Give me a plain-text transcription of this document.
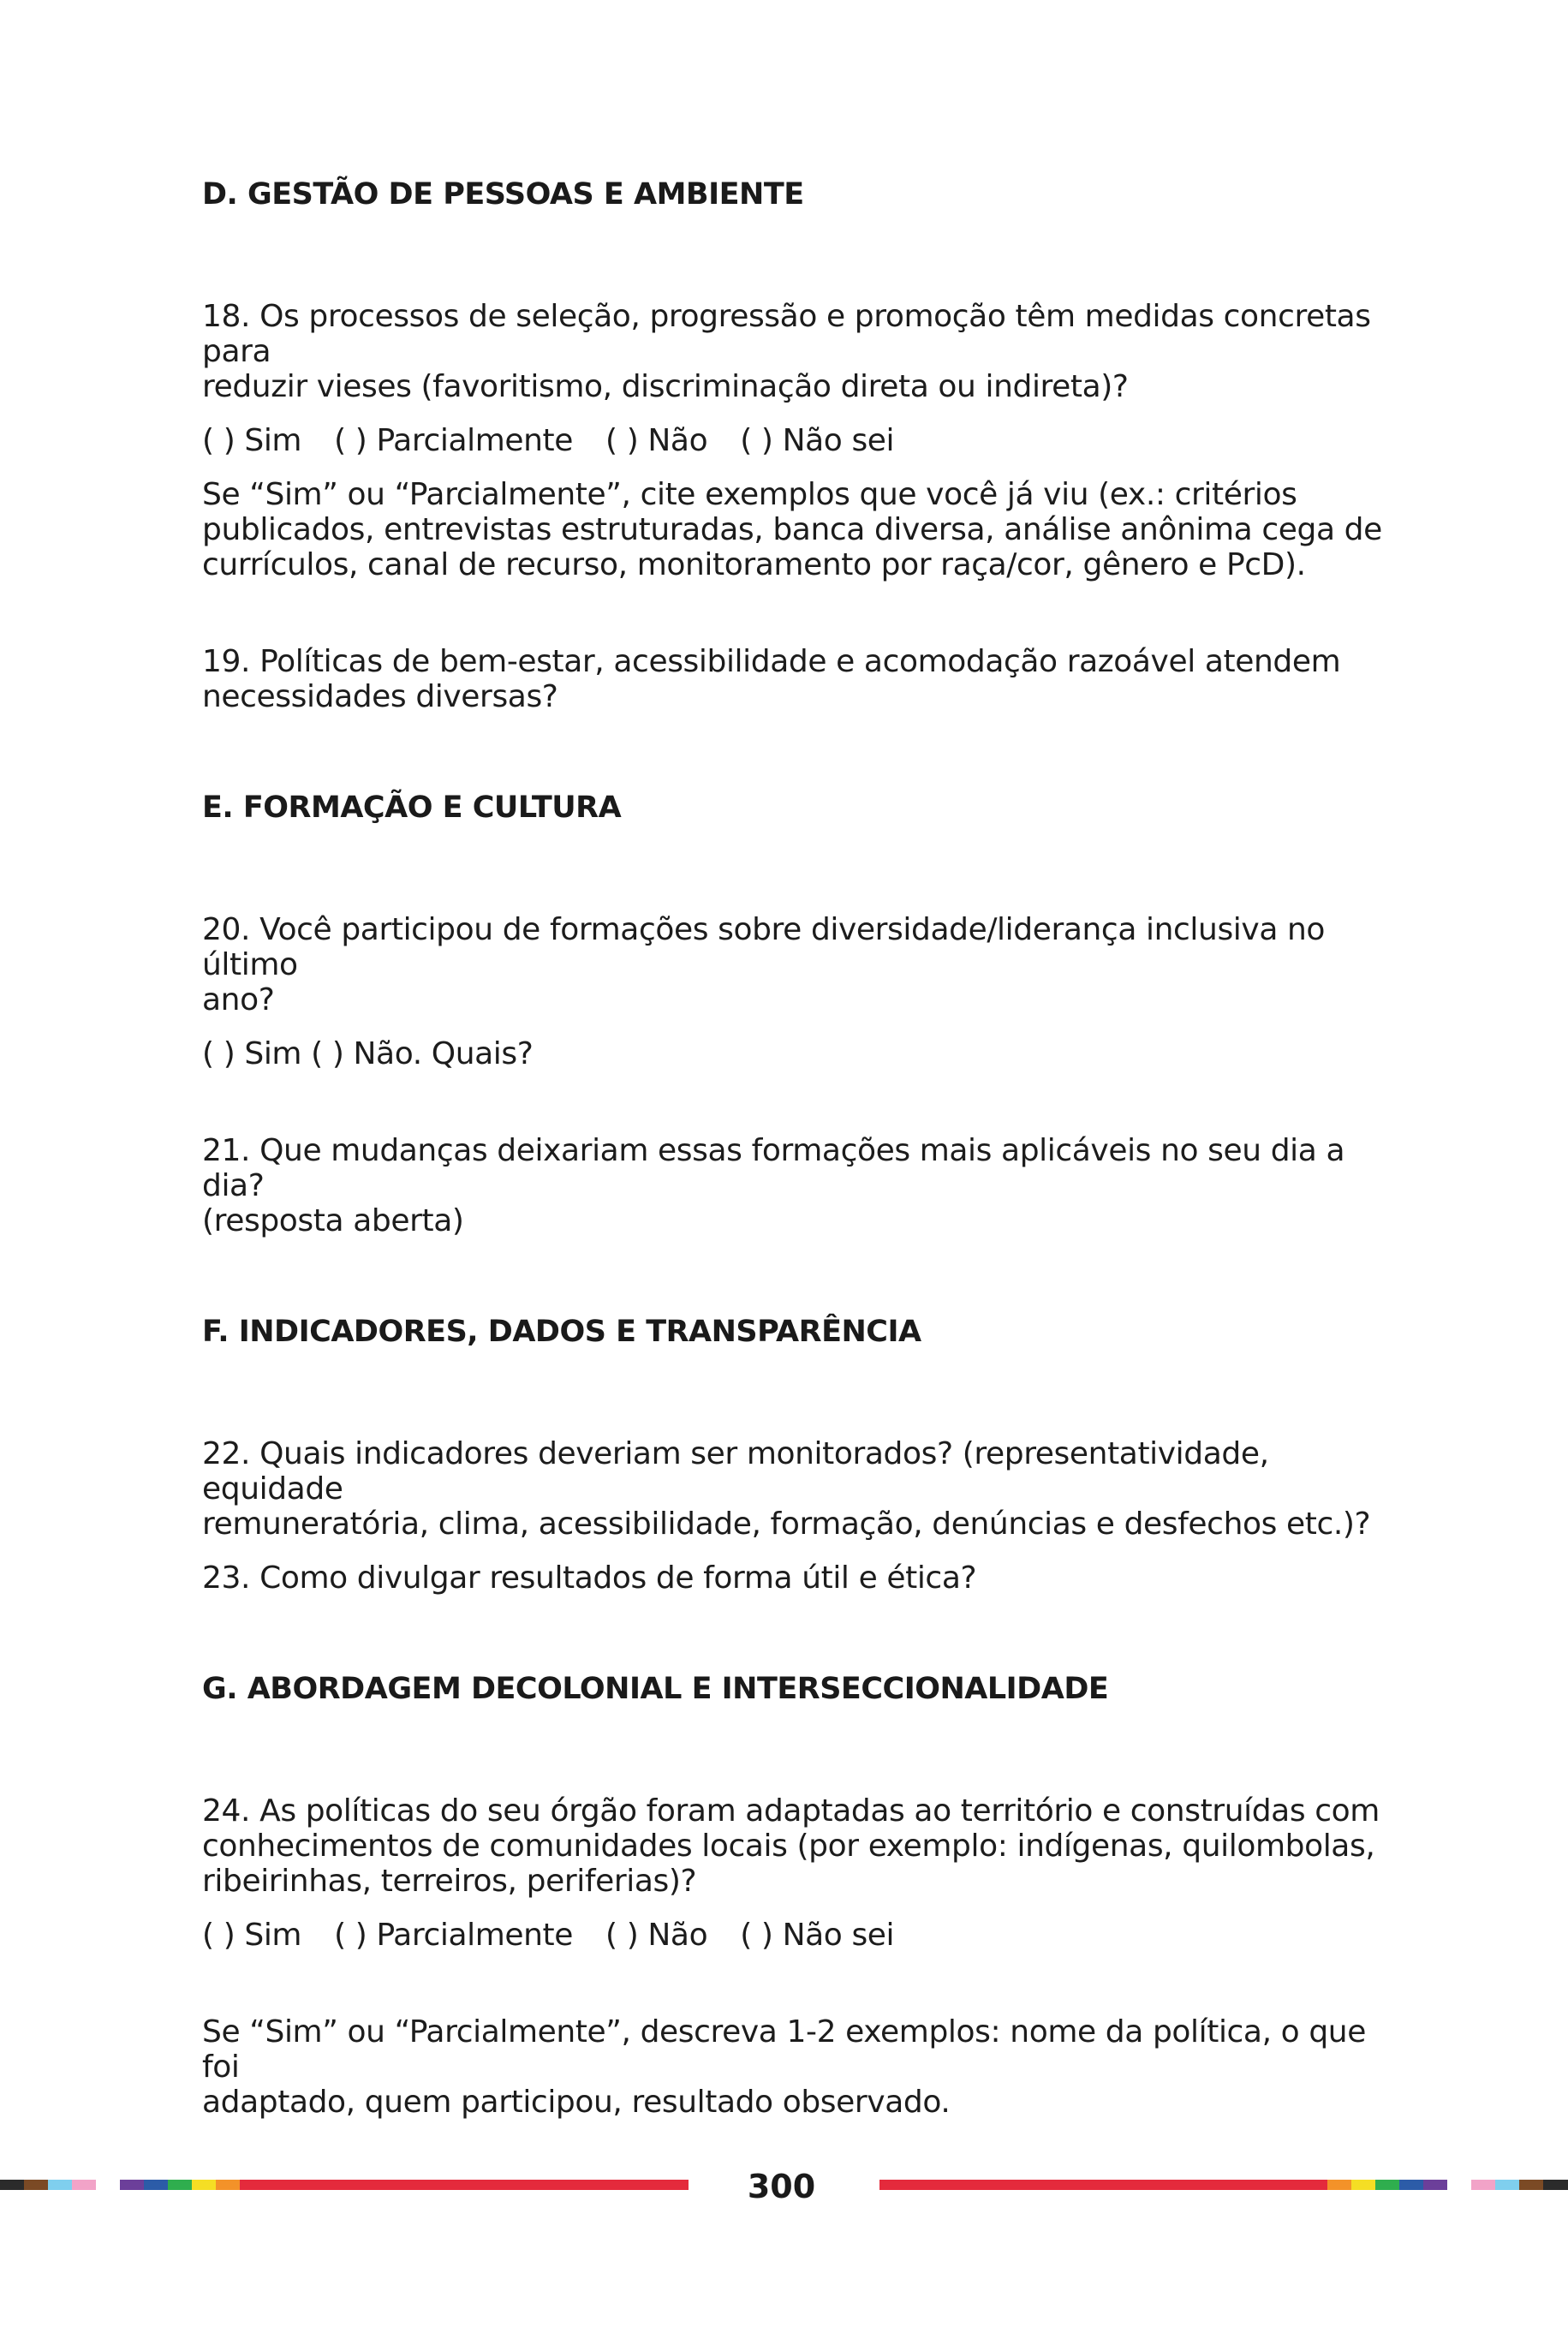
D. GESTÃO DE PESSOAS E AMBIENTE

18. Os processos de seleção, progressão e promoção têm medidas concretas para

reduzir vieses (favoritismo, discriminação direta ou indireta)?

( ) Sim ( ) Parcialmente ( ) Não ( ) Não sei

Se “Sim” ou “Parcialmente”, cite exemplos que você já viu (ex.: critérios

publicados, entrevistas estruturadas, banca diversa, análise anônima cega de

currículos, canal de recurso, monitoramento por raça/cor, gênero e PcD).

19. Políticas de bem-estar, acessibilidade e acomodação razoável atendem

necessidades diversas?

E. FORMAÇÃO E CULTURA

20. Você participou de formações sobre diversidade/liderança inclusiva no último

ano?

( ) Sim ( ) Não. Quais?

21. Que mudanças deixariam essas formações mais aplicáveis no seu dia a dia?

(resposta aberta)

F. INDICADORES, DADOS E TRANSPARÊNCIA

22. Quais indicadores deveriam ser monitorados? (representatividade, equidade

remuneratória, clima, acessibilidade, formação, denúncias e desfechos etc.)?

23. Como divulgar resultados de forma útil e ética?

G. ABORDAGEM DECOLONIAL E INTERSECCIONALIDADE

24. As políticas do seu órgão foram adaptadas ao território e construídas com

conhecimentos de comunidades locais (por exemplo: indígenas, quilombolas,

ribeirinhas, terreiros, periferias)?

( ) Sim ( ) Parcialmente ( ) Não ( ) Não sei

Se “Sim” ou “Parcialmente”, descreva 1-2 exemplos: nome da política, o que foi

adaptado, quem participou, resultado observado.

300
